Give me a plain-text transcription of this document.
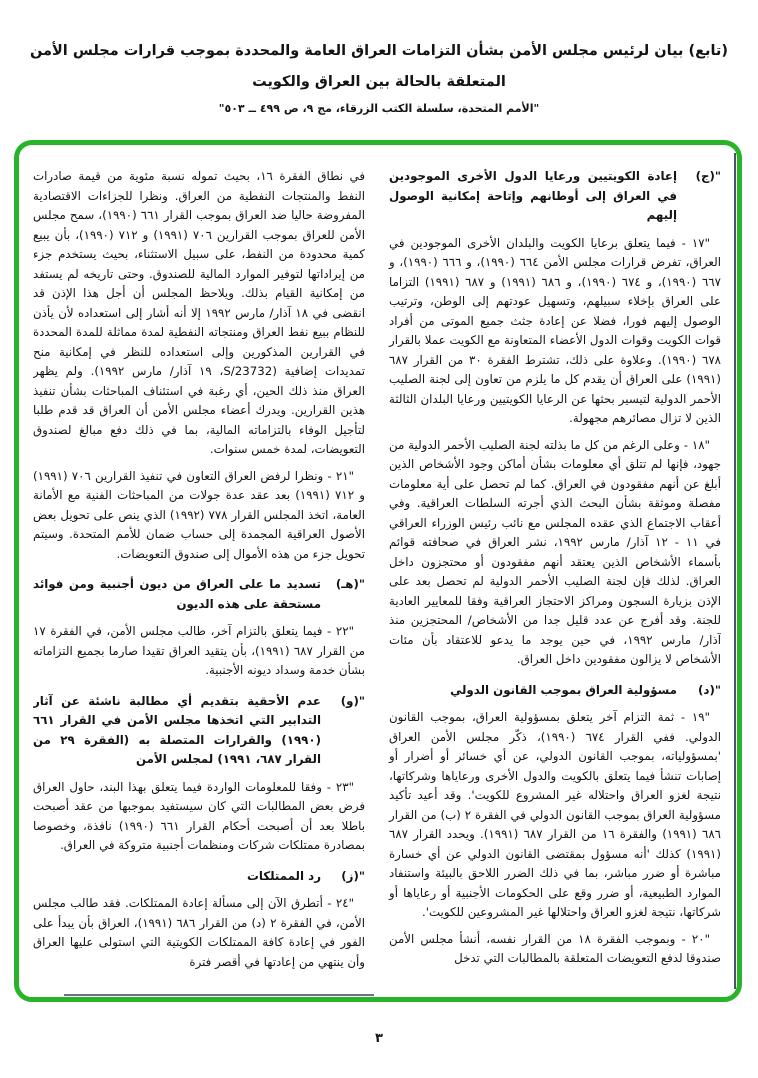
(تابع) بيان لرئيس مجلس الأمن بشأن التزامات العراق العامة والمحددة بموجب قرارات مجلس الأمن
المتعلقة بالحالة بين العراق والكويت
"الأمم المتحدة، سلسلة الكتب الزرقاء، مج ٩، ص ٤٩٩ ــ ٥٠٣"
"(ج)
إعادة الكويتيين ورعايا الدول الأخرى الموجودين في العراق إلى أوطانهم وإتاحة إمكانية الوصول إليهم

"١٧ - فيما يتعلق برعايا الكويت والبلدان الأخرى الموجودين في العراق، تفرض قرارات مجلس الأمن ٦٦٤ (١٩٩٠)، و ٦٦٦ (١٩٩٠)، و ٦٦٧ (١٩٩٠)، و ٦٧٤ (١٩٩٠)، و ٦٨٦ (١٩٩١) و ٦٨٧ (١٩٩١) التزاما على العراق بإخلاء سبيلهم، وتسهيل عودتهم إلى الوطن، وترتيب الوصول إليهم فورا، فضلا عن إعادة جثث جميع الموتى من أفراد قوات الكويت وقوات الدول الأعضاء المتعاونة مع الكويت عملا بالقرار ٦٧٨ (١٩٩٠). وعلاوة على ذلك، تشترط الفقرة ٣٠ من القرار ٦٨٧ (١٩٩١) على العراق أن يقدم كل ما يلزم من تعاون إلى لجنة الصليب الأحمر الدولية لتيسير بحثها عن الرعايا الكويتيين ورعايا البلدان الثالثة الذين لا تزال مصائرهم مجهولة.

"١٨ - وعلى الرغم من كل ما بذلته لجنة الصليب الأحمر الدولية من جهود، فإنها لم تتلق أي معلومات بشأن أماكن وجود الأشخاص الذين أبلغ عن أنهم مفقودون في العراق. كما لم تحصل على أية معلومات مفصلة وموثقة بشأن البحث الذي أجرته السلطات العراقية. وفي أعقاب الاجتماع الذي عقده المجلس مع نائب رئيس الوزراء العراقي في ١١ - ١٢ آذار/ مارس ١٩٩٢، نشر العراق في صحافته قوائم بأسماء الأشخاص الذين يعتقد أنهم مفقودون أو محتجزون داخل العراق. لذلك فإن لجنة الصليب الأحمر الدولية لم تحصل بعد على الإذن بزيارة السجون ومراكز الاحتجاز العراقية وفقا للمعايير العادية للجنة. وقد أفرج عن عدد قليل جدا من الأشخاص/ المحتجزين منذ آذار/ مارس ١٩٩٢، في حين يوجد ما يدعو للاعتقاد بأن مئات الأشخاص لا يزالون مفقودين داخل العراق.

"(د)
مسؤولية العراق بموجب القانون الدولي

"١٩ - ثمة التزام آخر يتعلق بمسؤولية العراق، بموجب القانون الدولي. ففي القرار ٦٧٤ (١٩٩٠)، ذكّر مجلس الأمن العراق 'بمسؤولياته، بموجب القانون الدولي، عن أي خسائر أو أضرار أو إصابات تنشأ فيما يتعلق بالكويت والدول الأخرى ورعاياها وشركاتها، نتيجة لغزو العراق واحتلاله غير المشروع للكويت'. وقد أعيد تأكيد مسؤولية العراق بموجب القانون الدولي في الفقرة ٢ (ب) من القرار ٦٨٦ (١٩٩١) والفقرة ١٦ من القرار ٦٨٧ (١٩٩١). ويحدد القرار ٦٨٧ (١٩٩١) كذلك 'أنه مسؤول بمقتضى القانون الدولي عن أي خسارة مباشرة أو ضرر مباشر، بما في ذلك الضرر اللاحق بالبيئة واستنفاد الموارد الطبيعية، أو ضرر وقع على الحكومات الأجنبية أو رعاياها أو شركاتها، نتيجة لغزو العراق واحتلالها غير المشروعين للكويت'.

"٢٠ - وبموجب الفقرة ١٨ من القرار نفسه، أنشأ مجلس الأمن صندوقا لدفع التعويضات المتعلقة بالمطالبات التي تدخل

في نطاق الفقرة ١٦، بحيث تموله نسبة مئوية من قيمة صادرات النفط والمنتجات النفطية من العراق. ونظرا للجزاءات الاقتصادية المفروضة حاليا ضد العراق بموجب القرار ٦٦١ (١٩٩٠)، سمح مجلس الأمن للعراق بموجب القرارين ٧٠٦ (١٩٩١) و ٧١٢ (١٩٩٠)، بأن يبيع كمية محدودة من النفط، على سبيل الاستثناء، بحيث يستخدم جزء من إيراداتها لتوفير الموارد المالية للصندوق. وحتى تاريخه لم يستفد من إمكانية القيام بذلك. ويلاحظ المجلس أن أجل هذا الإذن قد انقضى في ١٨ آذار/ مارس ١٩٩٢ إلا أنه أشار إلى استعداده لأن يأذن للنظام ببيع نفط العراق ومنتجاته النفطية لمدة مماثلة للمدة المحددة في القرارين المذكورين وإلى استعداده للنظر في إمكانية منح تمديدات إضافية (S/23732، ١٩ آذار/ مارس ١٩٩٢). ولم يظهر العراق منذ ذلك الحين، أي رغبة في استئناف المباحثات بشأن تنفيذ هذين القرارين. ويدرك أعضاء مجلس الأمن أن العراق قد قدم طلبا لتأجيل الوفاء بالتزاماته المالية، بما في ذلك دفع مبالغ لصندوق التعويضات، لمدة خمس سنوات.

"٢١ - ونظرا لرفض العراق التعاون في تنفيذ القرارين ٧٠٦ (١٩٩١) و ٧١٢ (١٩٩١) بعد عقد عدة جولات من المباحثات الفنية مع الأمانة العامة، اتخذ المجلس القرار ٧٧٨ (١٩٩٢) الذي ينص على تحويل بعض الأصول العراقية المجمدة إلى حساب ضمان للأمم المتحدة. وسيتم تحويل جزء من هذه الأموال إلى صندوق التعويضات.

"(هـ)
تسديد ما على العراق من ديون أجنبية ومن فوائد مستحقة على هذه الديون

"٢٢ - فيما يتعلق بالتزام آخر، طالب مجلس الأمن، في الفقرة ١٧ من القرار ٦٨٧ (١٩٩١)، بأن يتقيد العراق تقيدا صارما بجميع التزاماته بشأن خدمة وسداد ديونه الأجنبية.

"(و)
عدم الأحقية بتقديم أي مطالبة ناشئة عن آثار التدابير التي اتخذها مجلس الأمن في القرار ٦٦١ (١٩٩٠) والقرارات المتصلة به (الفقرة ٢٩ من القرار ٦٨٧، ١٩٩١) لمجلس الأمن

"٢٣ - وفقا للمعلومات الواردة فيما يتعلق بهذا البند، حاول العراق فرض بعض المطالبات التي كان سيستفيد بموجبها من عقد أصبحت باطلا بعد أن أصبحت أحكام القرار ٦٦١ (١٩٩٠) نافذة، وخصوصا بمصادرة ممتلكات شركات ومنظمات أجنبية متروكة في العراق.

"(ز)
رد الممتلكات

"٢٤ - أتطرق الآن إلى مسألة إعادة الممتلكات. فقد طالب مجلس الأمن، في الفقرة ٢ (د) من القرار ٦٨٦ (١٩٩١)، العراق بأن يبدأ على الفور في إعادة كافة الممتلكات الكويتية التي استولى عليها العراق وأن ينتهي من إعادتها في أقصر فترة

٣
